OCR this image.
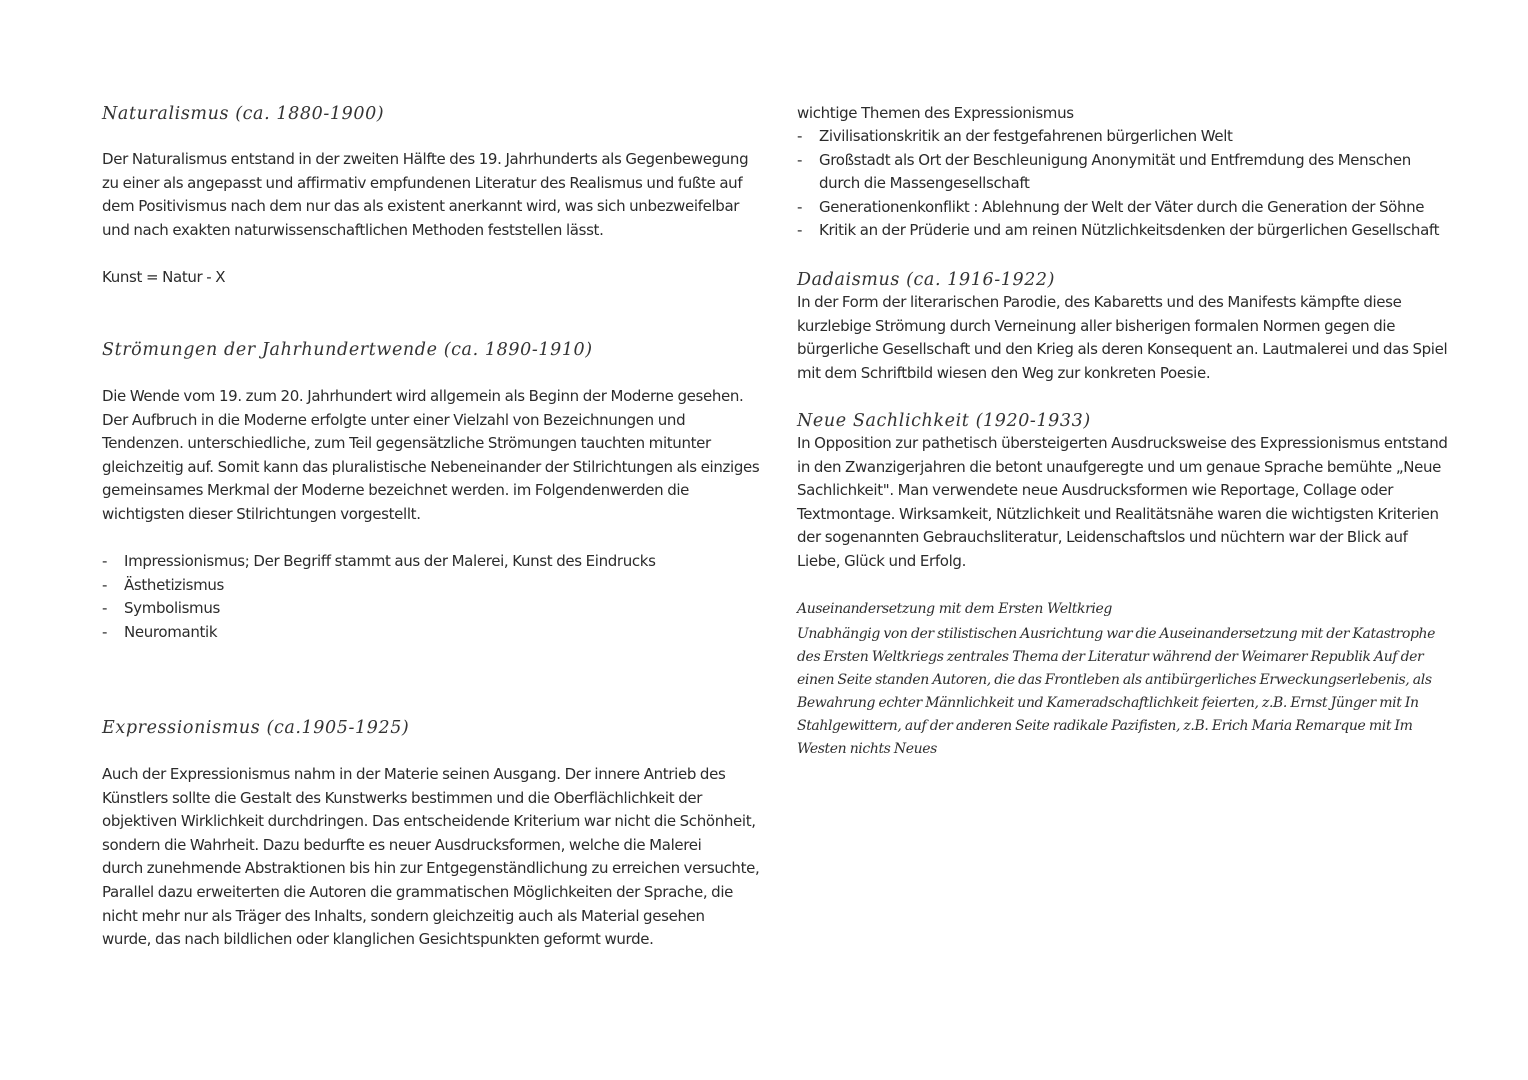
Naturalismus (ca. 1880-1900)

Der Naturalismus entstand in der zweiten Hälfte des 19. Jahrhunderts als Gegenbewegung
zu einer als angepasst und affirmativ empfundenen Literatur des Realismus und fußte auf
dem Positivismus nach dem nur das als existent anerkannt wird, was sich unbezweifelbar
und nach exakten naturwissenschaftlichen Methoden feststellen lässt.

Kunst = Natur - X

Strömungen der Jahrhundertwende (ca. 1890-1910)

Die Wende vom 19. zum 20. Jahrhundert wird allgemein als Beginn der Moderne gesehen.
Der Aufbruch in die Moderne erfolgte unter einer Vielzahl von Bezeichnungen und
Tendenzen. unterschiedliche, zum Teil gegensätzliche Strömungen tauchten mitunter
gleichzeitig auf. Somit kann das pluralistische Nebeneinander der Stilrichtungen als einziges
gemeinsames Merkmal der Moderne bezeichnet werden. im Folgendenwerden die
wichtigsten dieser Stilrichtungen vorgestellt.

- Impressionismus; Der Begriff stammt aus der Malerei, Kunst des Eindrucks
- Ästhetizismus
- Symbolismus
- Neuromantik
Expressionismus (ca.1905-1925)

Auch der Expressionismus nahm in der Materie seinen Ausgang. Der innere Antrieb des
Künstlers sollte die Gestalt des Kunstwerks bestimmen und die Oberflächlichkeit der
objektiven Wirklichkeit durchdringen. Das entscheidende Kriterium war nicht die Schönheit,
sondern die Wahrheit. Dazu bedurfte es neuer Ausdrucksformen, welche die Malerei
durch zunehmende Abstraktionen bis hin zur Entgegenständlichung zu erreichen versuchte,
Parallel dazu erweiterten die Autoren die grammatischen Möglichkeiten der Sprache, die
nicht mehr nur als Träger des Inhalts, sondern gleichzeitig auch als Material gesehen
wurde, das nach bildlichen oder klanglichen Gesichtspunkten geformt wurde.

wichtige Themen des Expressionismus

- Zivilisationskritik an der festgefahrenen bürgerlichen Welt
- Großstadt als Ort der Beschleunigung Anonymität und Entfremdung des Menschen
durch die Massengesellschaft
- Generationenkonflikt : Ablehnung der Welt der Väter durch die Generation der Söhne
- Kritik an der Prüderie und am reinen Nützlichkeitsdenken der bürgerlichen Gesellschaft
Dadaismus (ca. 1916-1922)

In der Form der literarischen Parodie, des Kabaretts und des Manifests kämpfte diese
kurzlebige Strömung durch Verneinung aller bisherigen formalen Normen gegen die
bürgerliche Gesellschaft und den Krieg als deren Konsequent an. Lautmalerei und das Spiel
mit dem Schriftbild wiesen den Weg zur konkreten Poesie.

Neue Sachlichkeit (1920-1933)

In Opposition zur pathetisch übersteigerten Ausdrucksweise des Expressionismus entstand
in den Zwanzigerjahren die betont unaufgeregte und um genaue Sprache bemühte „Neue
Sachlichkeit". Man verwendete neue Ausdrucksformen wie Reportage, Collage oder
Textmontage. Wirksamkeit, Nützlichkeit und Realitätsnähe waren die wichtigsten Kriterien
der sogenannten Gebrauchsliteratur, Leidenschaftslos und nüchtern war der Blick auf
Liebe, Glück und Erfolg.

Auseinandersetzung mit dem Ersten Weltkrieg
Unabhängig von der stilistischen Ausrichtung war die Auseinandersetzung mit der Katastrophe
des Ersten Weltkriegs zentrales Thema der Literatur während der Weimarer Republik Auf der
einen Seite standen Autoren, die das Frontleben als antibürgerliches Erweckungserlebenis, als
Bewahrung echter Männlichkeit und Kameradschaftlichkeit feierten, z.B. Ernst Jünger mit In
Stahlgewittern, auf der anderen Seite radikale Pazifisten, z.B. Erich Maria Remarque mit Im
Westen nichts Neues
